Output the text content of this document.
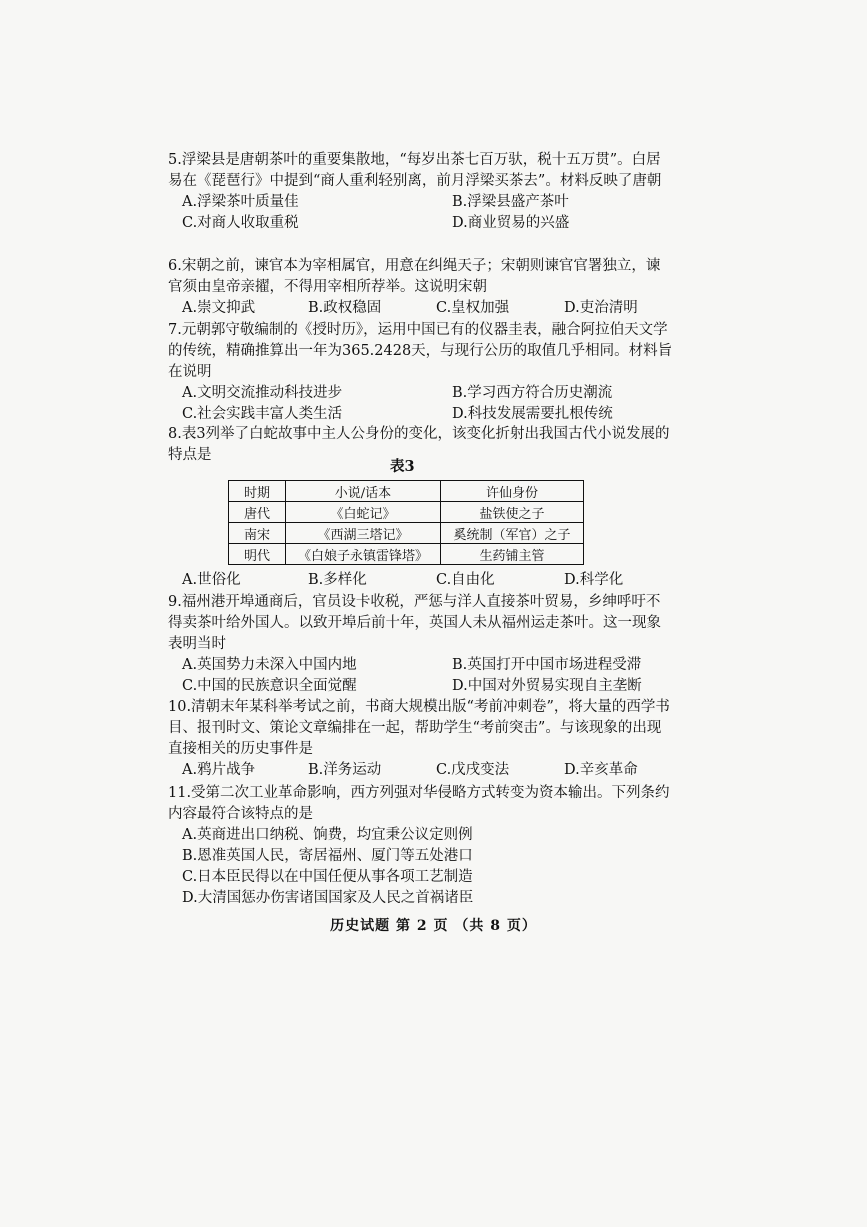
5.浮梁县是唐朝茶叶的重要集散地，“每岁出茶七百万驮，税十五万贯”。白居易在《琵琶行》中提到“商人重利轻别离，前月浮梁买茶去”。材料反映了唐朝
A.浮梁茶叶质量佳	B.浮梁县盛产茶叶
C.对商人收取重税	D.商业贸易的兴盛
6.宋朝之前，谏官本为宰相属官，用意在纠绳天子；宋朝则谏官官署独立，谏官须由皇帝亲擢，不得用宰相所荐举。这说明宋朝
A.崇文抑武	B.政权稳固	C.皇权加强	D.吏治清明
7.元朝郭守敬编制的《授时历》，运用中国已有的仪器圭表，融合阿拉伯天文学的传统，精确推算出一年为365.2428天，与现行公历的取值几乎相同。材料旨在说明
A.文明交流推动科技进步	B.学习西方符合历史潮流
C.社会实践丰富人类生活	D.科技发展需要扎根传统
8.表3列举了白蛇故事中主人公身份的变化，该变化折射出我国古代小说发展的特点是
表3
时期	小说/话本	许仙身份
唐代	《白蛇记》	盐铁使之子
南宋	《西湖三塔记》	奚统制（军官）之子
明代	《白娘子永镇雷锋塔》	生药铺主管
A.世俗化	B.多样化	C.自由化	D.科学化
9.福州港开埠通商后，官员设卡收税，严惩与洋人直接茶叶贸易，乡绅呼吁不得卖茶叶给外国人。以致开埠后前十年，英国人未从福州运走茶叶。这一现象表明当时
A.英国势力未深入中国内地	B.英国打开中国市场进程受滞
C.中国的民族意识全面觉醒	D.中国对外贸易实现自主垄断
10.清朝末年某科举考试之前，书商大规模出版“考前冲刺卷”，将大量的西学书目、报刊时文、策论文章编排在一起，帮助学生“考前突击”。与该现象的出现直接相关的历史事件是
A.鸦片战争	B.洋务运动	C.戊戌变法	D.辛亥革命
11.受第二次工业革命影响，西方列强对华侵略方式转变为资本输出。下列条约内容最符合该特点的是
A.英商进出口纳税、饷费，均宜秉公议定则例
B.恩准英国人民，寄居福州、厦门等五处港口
C.日本臣民得以在中国任便从事各项工艺制造
D.大清国惩办伤害诸国国家及人民之首祸诸臣
历史试题 第 2 页 （共 8 页）
